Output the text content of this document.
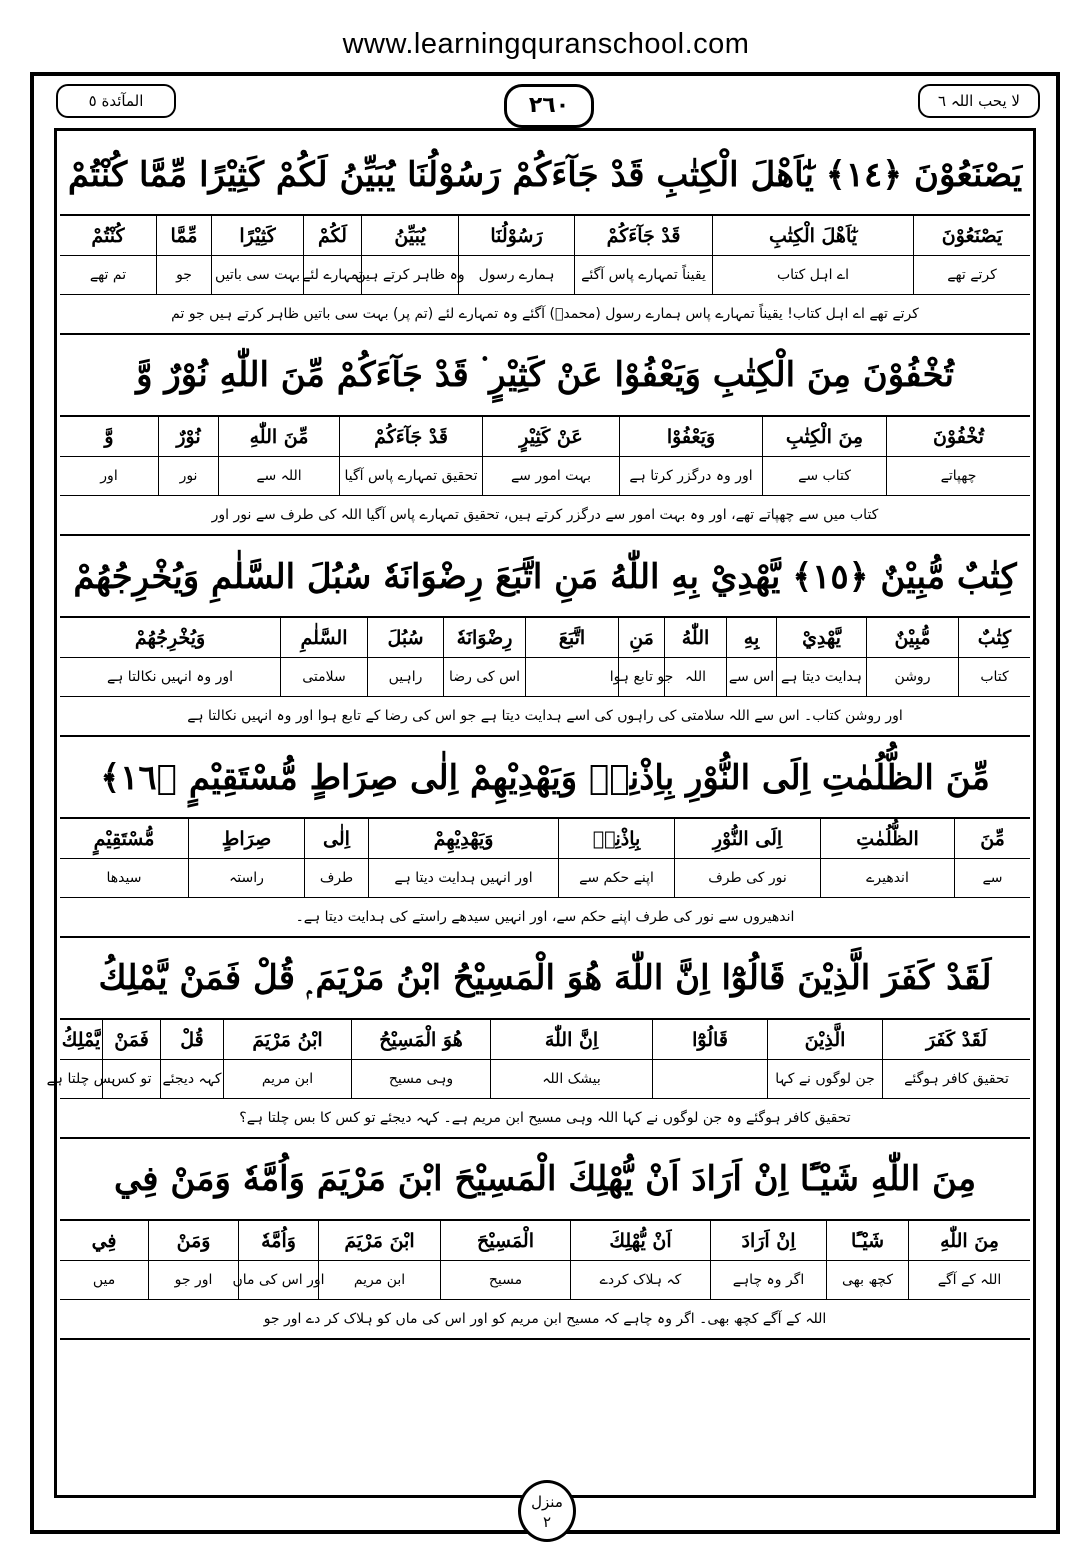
www.learningquranschool.com
المآئدة ٥	٢٦٠	لا یحب اللہ ٦
يَصْنَعُوْنَ ﴿١٤﴾ يٰٓاَهْلَ الْكِتٰبِ قَدْ جَآءَكُمْ رَسُوْلُنَا يُبَيِّنُ لَكُمْ كَثِيْرًا مِّمَّا كُنْتُمْ
يَصْنَعُوْنَ
يٰٓاَهْلَ الْكِتٰبِ
قَدْ جَآءَكُمْ
رَسُوْلُنَا
يُبَيِّنُ
لَكُمْ
كَثِيْرًا
مِّمَّا
كُنْتُمْ
کرتے تھے
اے اہل کتاب
یقیناً تمہارے پاس آگئے
ہمارے رسول
وہ ظاہر کرتے ہیں
تمہارے لئے
بہت سی باتیں
جو
تم تھے
کرتے تھے اے اہل کتاب! یقیناً تمہارے پاس ہمارے رسول (محمدؐ) آگئے وہ تمہارے لئے (تم پر) بہت سی باتیں ظاہر کرتے ہیں جو تم
تُخْفُوْنَ مِنَ الْكِتٰبِ وَيَعْفُوْا عَنْ كَثِيْرٍ ۬ قَدْ جَآءَكُمْ مِّنَ اللّٰهِ نُوْرٌ وَّ
تُخْفُوْنَ
مِنَ الْكِتٰبِ
وَيَعْفُوْا
عَنْ كَثِيْرٍ
قَدْ جَآءَكُمْ
مِّنَ اللّٰهِ
نُوْرٌ
وَّ
چھپاتے
کتاب سے
اور وہ درگزر کرتا ہے
بہت امور سے
تحقیق تمہارے پاس آگیا
اللہ سے
نور
اور
کتاب میں سے چھپاتے تھے، اور وہ بہت امور سے درگزر کرتے ہیں، تحقیق تمہارے پاس آگیا اللہ کی طرف سے نور اور
كِتٰبٌ مُّبِيْنٌ ﴿١٥﴾ يَّهْدِيْ بِهِ اللّٰهُ مَنِ اتَّبَعَ رِضْوَانَهٗ سُبُلَ السَّلٰمِ وَيُخْرِجُهُمْ
كِتٰبٌ
مُّبِيْنٌ
يَّهْدِيْ
بِهِ
اللّٰهُ
مَنِ
اتَّبَعَ
رِضْوَانَهٗ
سُبُلَ
السَّلٰمِ
وَيُخْرِجُهُمْ
کتاب
روشن
ہدایت دیتا ہے
اس سے
اللہ
جو تابع ہوا
اس کی رضا
راہیں
سلامتی
اور وہ انہیں نکالتا ہے
اور روشن کتاب۔ اس سے اللہ سلامتی کی راہوں کی اسے ہدایت دیتا ہے جو اس کی رضا کے تابع ہوا اور وہ انہیں نکالتا ہے
مِّنَ الظُّلُمٰتِ اِلَى النُّوْرِ بِاِذْنِهٖ وَيَهْدِيْهِمْ اِلٰى صِرَاطٍ مُّسْتَقِيْمٍ ﴿١٦﴾
مِّنَ
الظُّلُمٰتِ
اِلَى النُّوْرِ
بِاِذْنِهٖ
وَيَهْدِيْهِمْ
اِلٰى
صِرَاطٍ
مُّسْتَقِيْمٍ
سے
اندھیرے
نور کی طرف
اپنے حکم سے
اور انہیں ہدایت دیتا ہے
طرف
راستہ
سیدھا
اندھیروں سے نور کی طرف اپنے حکم سے، اور انہیں سیدھے راستے کی ہدایت دیتا ہے۔
لَقَدْ كَفَرَ الَّذِيْنَ قَالُوْٓا اِنَّ اللّٰهَ هُوَ الْمَسِيْحُ ابْنُ مَرْيَمَ ۭ قُلْ فَمَنْ يَّمْلِكُ
لَقَدْ كَفَرَ
الَّذِيْنَ
قَالُوْٓا
اِنَّ اللّٰهَ
هُوَ الْمَسِيْحُ
ابْنُ مَرْيَمَ
قُلْ
فَمَنْ
يَّمْلِكُ
تحقیق کافر ہوگئے
جن لوگوں نے کہا
بیشک اللہ
وہی مسیح
ابن مریم
کہہ دیجئے
تو کس
بس چلتا ہے
تحقیق کافر ہوگئے وہ جن لوگوں نے کہا اللہ وہی مسیح ابن مریم ہے۔ کہہ دیجئے تو کس کا بس چلتا ہے؟
مِنَ اللّٰهِ شَيْـًٔا اِنْ اَرَادَ اَنْ يُّهْلِكَ الْمَسِيْحَ ابْنَ مَرْيَمَ وَاُمَّهٗ وَمَنْ فِي
مِنَ اللّٰهِ
شَيْـًٔا
اِنْ اَرَادَ
اَنْ يُّهْلِكَ
الْمَسِيْحَ
ابْنَ مَرْيَمَ
وَاُمَّهٗ
وَمَنْ
فِي
اللہ کے آگے
کچھ بھی
اگر وہ چاہے
کہ ہلاک کردے
مسیح
ابن مریم
اور اس کی ماں
اور جو
میں
اللہ کے آگے کچھ بھی۔ اگر وہ چاہے کہ مسیح ابن مریم کو اور اس کی ماں کو ہلاک کر دے اور جو
منزل
٢
